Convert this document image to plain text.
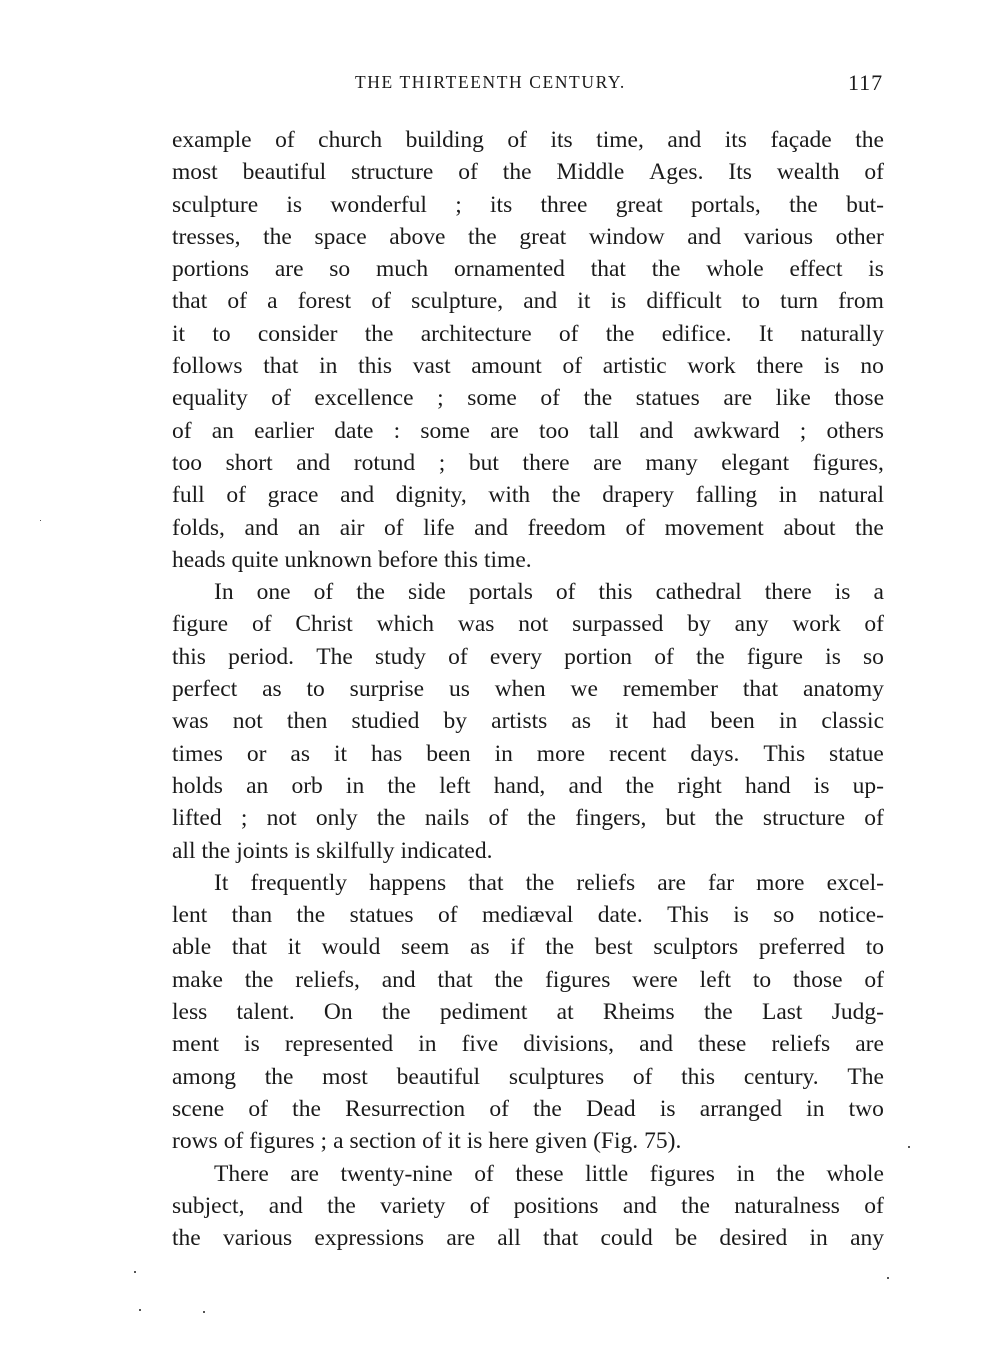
THE THIRTEENTH CENTURY.	117
example of church building of its time, and its façade the
most beautiful structure of the Middle Ages. Its wealth of
sculpture is wonderful ; its three great portals, the but-
tresses, the space above the great window and various other
portions are so much ornamented that the whole effect is
that of a forest of sculpture, and it is difficult to turn from
it to consider the architecture of the edifice. It naturally
follows that in this vast amount of artistic work there is no
equality of excellence ; some of the statues are like those
of an earlier date : some are too tall and awkward ; others
too short and rotund ; but there are many elegant figures,
full of grace and dignity, with the drapery falling in natural
folds, and an air of life and freedom of movement about the
heads quite unknown before this time.
In one of the side portals of this cathedral there is a
figure of Christ which was not surpassed by any work of
this period. The study of every portion of the figure is so
perfect as to surprise us when we remember that anatomy
was not then studied by artists as it had been in classic
times or as it has been in more recent days. This statue
holds an orb in the left hand, and the right hand is up-
lifted ; not only the nails of the fingers, but the structure of
all the joints is skilfully indicated.
It frequently happens that the reliefs are far more excel-
lent than the statues of mediæval date. This is so notice-
able that it would seem as if the best sculptors preferred to
make the reliefs, and that the figures were left to those of
less talent. On the pediment at Rheims the Last Judg-
ment is represented in five divisions, and these reliefs are
among the most beautiful sculptures of this century. The
scene of the Resurrection of the Dead is arranged in two
rows of figures ; a section of it is here given (Fig. 75).
There are twenty-nine of these little figures in the whole
subject, and the variety of positions and the naturalness of
the various expressions are all that could be desired in any
